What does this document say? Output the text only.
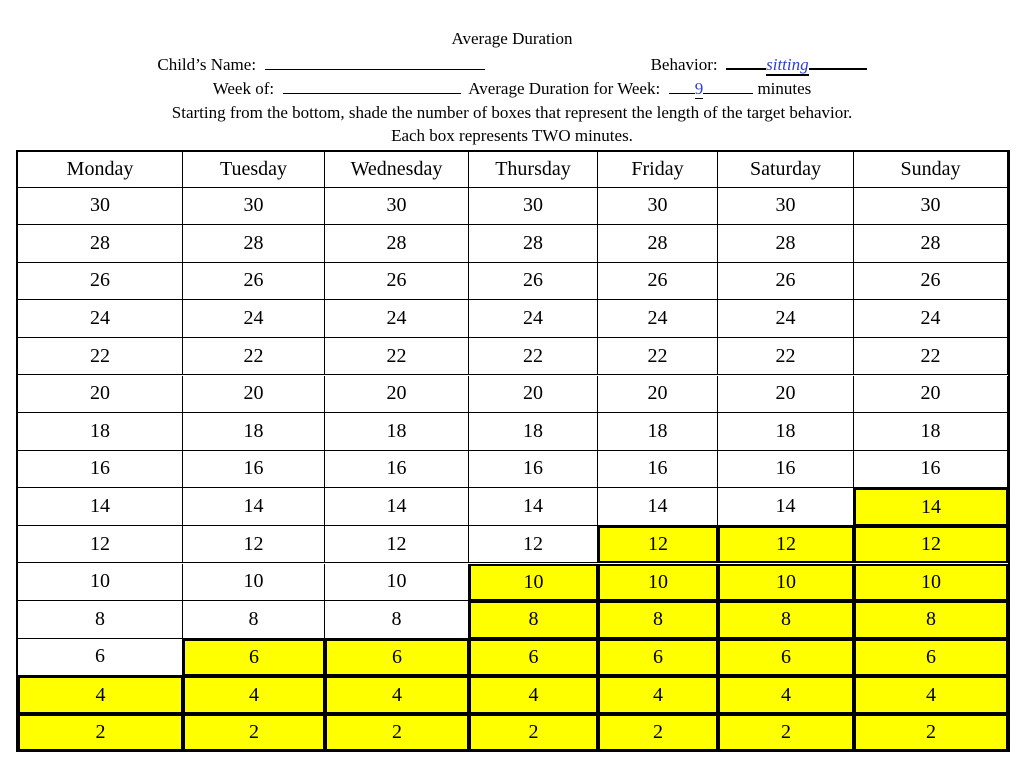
Average Duration
Child’s Name:	Behavior:	sitting
Week of:	Average Duration for Week: 9	minutes
Starting from the bottom, shade the number of boxes that represent the length of the target behavior.
Each box represents TWO minutes.
Monday	Tuesday	Wednesday	Thursday	Friday	Saturday	Sunday
30	30	30	30	30	30	30
28	28	28	28	28	28	28
26	26	26	26	26	26	26
24	24	24	24	24	24	24
22	22	22	22	22	22	22
20	20	20	20	20	20	20
18	18	18	18	18	18	18
16	16	16	16	16	16	16
14	14	14	14	14	14	14
12	12	12	12	12	12	12
10	10	10	10	10	10	10
8	8	8	8	8	8	8
6	6	6	6	6	6	6
4	4	4	4	4	4	4
2	2	2	2	2	2	2
